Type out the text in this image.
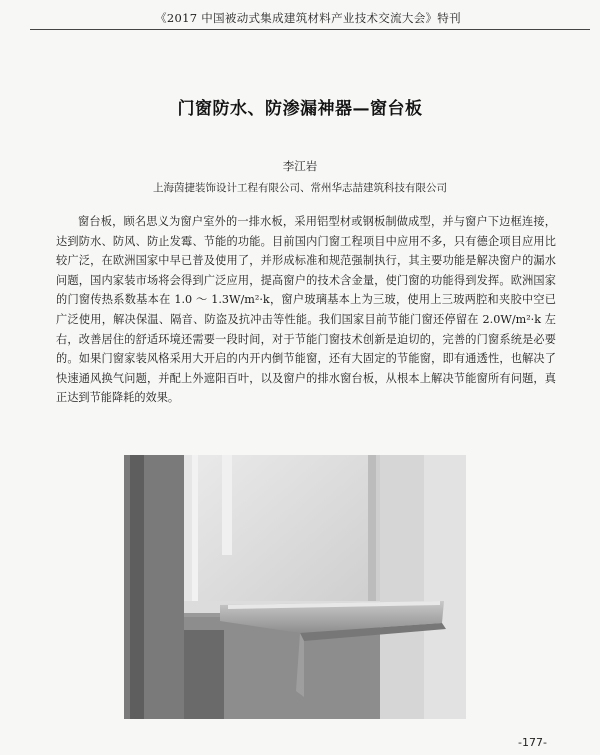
《2017 中国被动式集成建筑材料产业技术交流大会》特刊
门窗防水、防渗漏神器—窗台板
李江岩
上海茵捷装饰设计工程有限公司、常州华志喆建筑科技有限公司

窗台板，顾名思义为窗户室外的一排水板，采用铝型材或钢板制做成型，并与窗户下边框连接，达到防水、防风、防止发霉、节能的功能。目前国内门窗工程项目中应用不多，只有德企项目应用比较广泛，在欧洲国家中早已普及使用了，并形成标准和规范强制执行，其主要功能是解决窗户的漏水问题，国内家装市场将会得到广泛应用，提高窗户的技术含金量，使门窗的功能得到发挥。欧洲国家的门窗传热系数基本在 1.0 ～ 1.3W/m²·k，窗户玻璃基本上为三玻，使用上三玻两腔和夹胶中空已广泛使用，解决保温、隔音、防盗及抗冲击等性能。我们国家目前节能门窗还停留在 2.0W/m²·k 左右，改善居住的舒适环境还需要一段时间，对于节能门窗技术创新是迫切的，完善的门窗系统是必要的。如果门窗家装风格采用大开启的内开内倒节能窗，还有大固定的节能窗，即有通透性，也解决了快速通风换气问题，并配上外遮阳百叶，以及窗户的排水窗台板，从根本上解决节能窗所有问题，真正达到节能降耗的效果。

-177-
